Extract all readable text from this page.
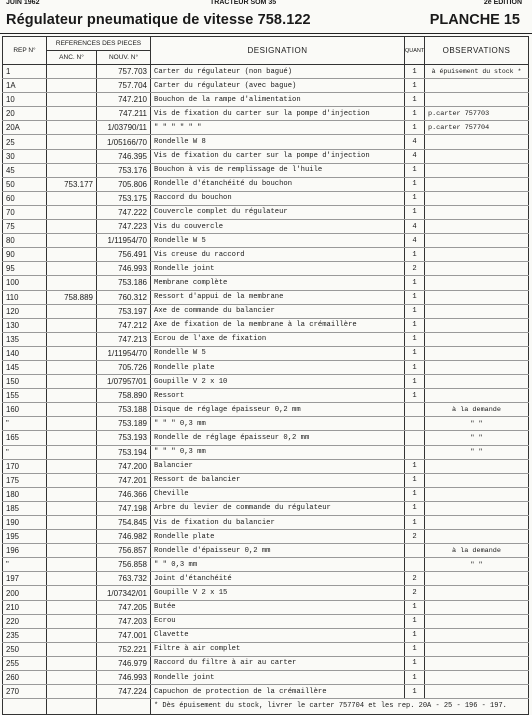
JUIN 1962	TRACTEUR SOM 35	2e EDITION
Régulateur pneumatique de vitesse 758.122	PLANCHE 15
REP N°	REFERENCES DES PIECES		DESIGNATION	QUANT	OBSERVATIONS
	ANC. N°	NOUV. N°			
1		757.703	Carter du régulateur (non bagué)	1	à épuisement du stock *
1A		757.704	Carter du régulateur (avec bague)	1	
10		747.210	Bouchon de la rampe d'alimentation	1	
20		747.211	Vis de fixation du carter sur la pompe d'injection	1	p.carter 757703
20A		1/03790/11	" " " " " "	1	p.carter 757704
25		1/05166/70	Rondelle W 8	4	
30		746.395	Vis de fixation du carter sur la pompe d'injection	4	
45		753.176	Bouchon à vis de remplissage de l'huile	1	
50	753.177	705.806	Rondelle d'étanchéité du bouchon	1	
60		753.175	Raccord du bouchon	1	
70		747.222	Couvercle complet du régulateur	1	
75		747.223	Vis du couvercle	4	
80		1/11954/70	Rondelle W 5	4	
90		756.491	Vis creuse du raccord	1	
95		746.993	Rondelle joint	2	
100		753.186	Membrane complète	1	
110	758.889	760.312	Ressort d'appui de la membrane	1	
120		753.197	Axe de commande du balancier	1	
130		747.212	Axe de fixation de la membrane à la crémaillère	1	
135		747.213	Ecrou de l'axe de fixation	1	
140		1/11954/70	Rondelle W 5	1	
145		705.726	Rondelle plate	1	
150		1/07957/01	Goupille V 2 x 10	1	
155		758.890	Ressort	1	
160		753.188	Disque de réglage épaisseur 0,2 mm		à la demande
"		753.189	" " " 0,3 mm		" "
165		753.193	Rondelle de réglage épaisseur 0,2 mm		" "
"		753.194	" " " 0,3 mm		" "
170		747.200	Balancier	1	
175		747.201	Ressort de balancier	1	
180		746.366	Cheville	1	
185		747.198	Arbre du levier de commande du régulateur	1	
190		754.845	Vis de fixation du balancier	1	
195		746.982	Rondelle plate	2	
196		756.857	Rondelle d'épaisseur 0,2 mm		à la demande
"		756.858	" " 0,3 mm		" "
197		763.732	Joint d'étanchéité	2	
200		1/07342/01	Goupille V 2 x 15	2	
210		747.205	Butée	1	
220		747.203	Ecrou	1	
235		747.001	Clavette	1	
250		752.221	Filtre à air complet	1	
255		746.979	Raccord du filtre à air au carter	1	
260		746.993	Rondelle joint	1	
270		747.224	Capuchon de protection de la crémaillère	1	
			* Dès épuisement du stock, livrer le carter 757704 et les rep. 20A - 25 - 196 - 197.		
